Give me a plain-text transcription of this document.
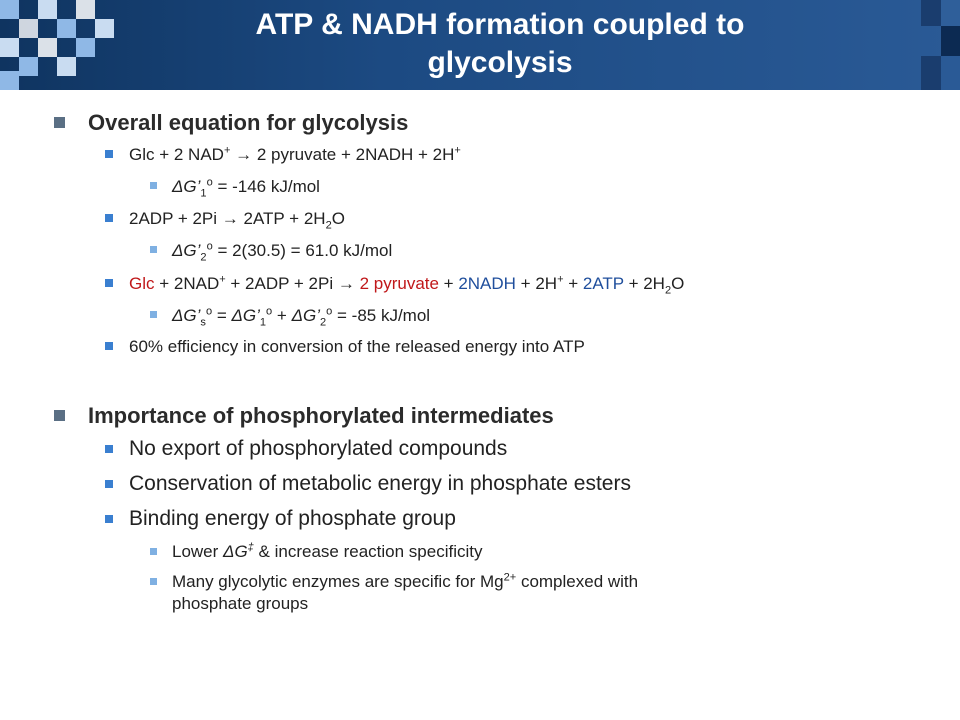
ATP & NADH formation coupled to
glycolysis
Overall equation for glycolysis
Glc + 2 NAD+ → 2 pyruvate + 2NADH + 2H+
$\Delta G’_1^o = -146$ kJ/mol
$2ADP + 2Pi \to 2ATP + 2H_2O$
$\Delta G’_2^o = 2(30.5) = 61.0$ kJ/mol
Glc + 2NAD+ + 2ADP + 2Pi → 2 pyruvate + 2NADH + $2H^+ + 2ATP + 2H_2O$
$\Delta G’_s^o$ = $\Delta G’_1^o$ + $\Delta G’_2^o = -85$ kJ/mol
60% efficiency in conversion of the released energy into ATP
Importance of phosphorylated intermediates
No export of phosphorylated compounds
Conservation of metabolic energy in phosphate esters
Binding energy of phosphate group
Lower ΔG‡ & increase reaction specificity
Many glycolytic enzymes are specific for $Mg^{2+}$ complexed with
phosphate groups
